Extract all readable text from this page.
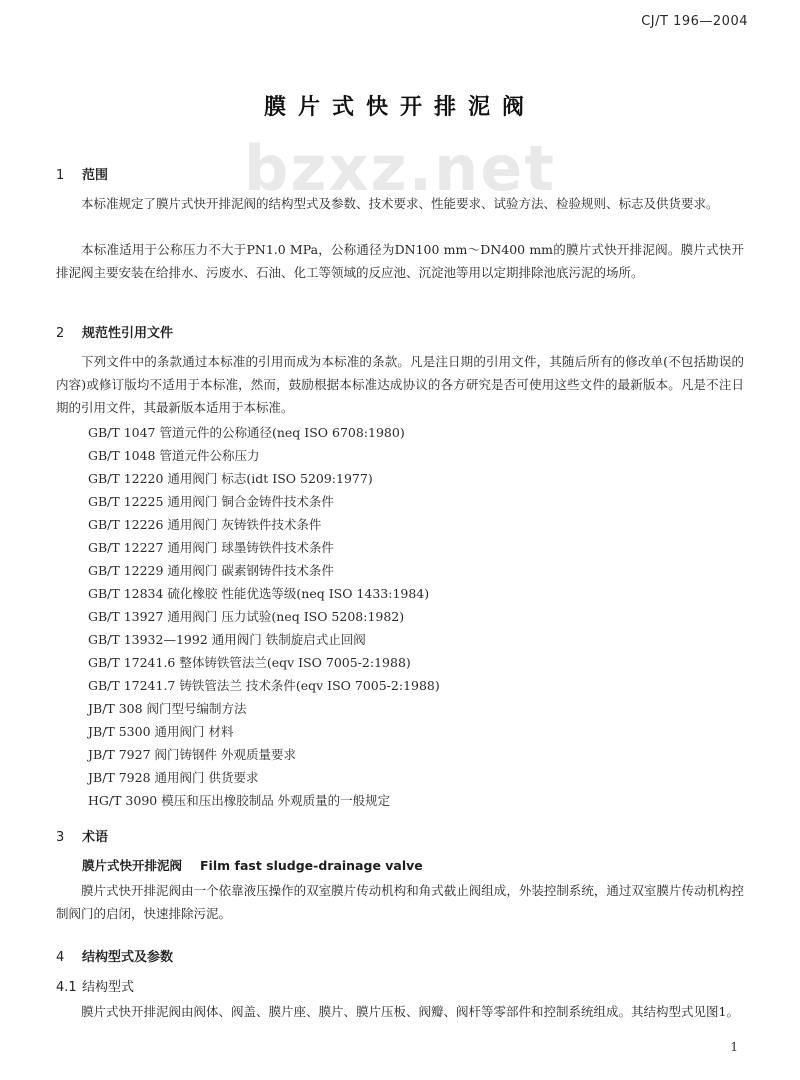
CJ/T 196—2004
膜片式快开排泥阀
bzxz.net
1 范围
本标准规定了膜片式快开排泥阀的结构型式及参数、技术要求、性能要求、试验方法、检验规则、标志及供货要求。
本标准适用于公称压力不大于PN1.0 MPa，公称通径为DN100 mm～DN400 mm的膜片式快开排泥阀。膜片式快开排泥阀主要安装在给排水、污废水、石油、化工等领域的反应池、沉淀池等用以定期排除池底污泥的场所。
2 规范性引用文件
下列文件中的条款通过本标准的引用而成为本标准的条款。凡是注日期的引用文件，其随后所有的修改单(不包括勘误的内容)或修订版均不适用于本标准，然而，鼓励根据本标准达成协议的各方研究是否可使用这些文件的最新版本。凡是不注日期的引用文件，其最新版本适用于本标准。
GB/T 1047 管道元件的公称通径(neq ISO 6708:1980)
GB/T 1048 管道元件公称压力
GB/T 12220 通用阀门 标志(idt ISO 5209:1977)
GB/T 12225 通用阀门 铜合金铸件技术条件
GB/T 12226 通用阀门 灰铸铁件技术条件
GB/T 12227 通用阀门 球墨铸铁件技术条件
GB/T 12229 通用阀门 碳素钢铸件技术条件
GB/T 12834 硫化橡胶 性能优选等级(neq ISO 1433:1984)
GB/T 13927 通用阀门 压力试验(neq ISO 5208:1982)
GB/T 13932—1992 通用阀门 铁制旋启式止回阀
GB/T 17241.6 整体铸铁管法兰(eqv ISO 7005-2:1988)
GB/T 17241.7 铸铁管法兰 技术条件(eqv ISO 7005-2:1988)
JB/T 308 阀门型号编制方法
JB/T 5300 通用阀门 材料
JB/T 7927 阀门铸钢件 外观质量要求
JB/T 7928 通用阀门 供货要求
HG/T 3090 模压和压出橡胶制品 外观质量的一般规定
3 术语
膜片式快开排泥阀 Film fast sludge-drainage valve
膜片式快开排泥阀由一个依靠液压操作的双室膜片传动机构和角式截止阀组成，外装控制系统，通过双室膜片传动机构控制阀门的启闭，快速排除污泥。
4 结构型式及参数
4.1 结构型式
膜片式快开排泥阀由阀体、阀盖、膜片座、膜片、膜片压板、阀瓣、阀杆等零部件和控制系统组成。其结构型式见图1。
1
